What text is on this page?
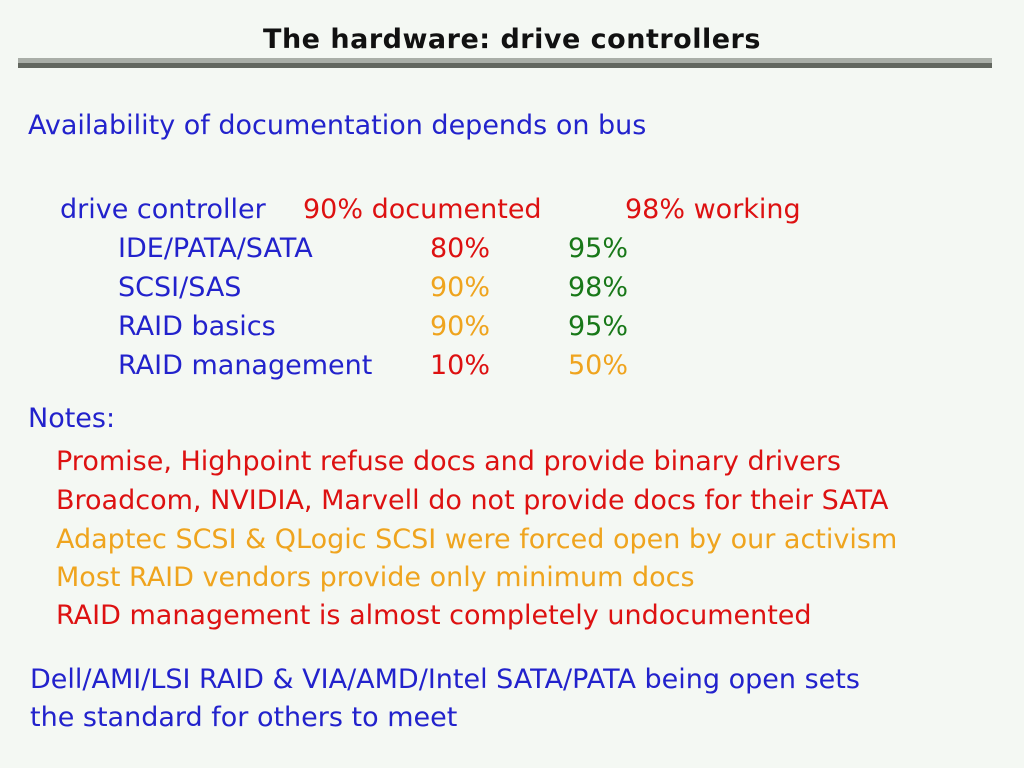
The hardware: drive controllers
Availability of documentation depends on bus
drive controller 90% documented	98% working
IDE/PATA/SATA	80%	95%
SCSI/SAS	90%	98%
RAID basics	90%	95%
RAID management 10%	50%
Notes:
Promise, Highpoint refuse docs and provide binary drivers
Broadcom, NVIDIA, Marvell do not provide docs for their SATA
Adaptec SCSI & QLogic SCSI were forced open by our activism
Most RAID vendors provide only minimum docs
RAID management is almost completely undocumented
Dell/AMI/LSI RAID & VIA/AMD/Intel SATA/PATA being open sets
the standard for others to meet
